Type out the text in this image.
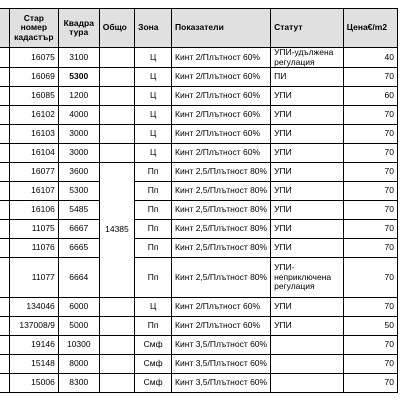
	Стар номер кадастър	Квадра
тура	Общо	Зона	Показатели	Статут	Цена€/m2
	16075	3100		Ц	Кинт 2/Плътност 60%	УПИ-удължена регулация	40
	16069	5300		Ц	Кинт 2/Плътност 60%	ПИ	70
	16085	1200		Ц	Кинт 2/Плътност 60%	УПИ	60
	16102	4000		Ц	Кинт 2/Плътност 60%	УПИ	70
	16103	3000		Ц	Кинт 2/Плътност 60%	УПИ	70
	16104	3000		Ц	Кинт 2/Плътност 60%	УПИ	70
	16077	3600	14385	Пп	Кинт 2,5/Плътност 80%	УПИ	70
	16107	5300		Пп	Кинт 2,5/Плътност 80%	УПИ	70
	16106	5485		Пп	Кинт 2,5/Плътност 80%	УПИ	70
	11075	6667		Пп	Кинт 2,5/Плътност 80%	УПИ	70
	11076	6665		Пп	Кинт 2,5/Плътност 80%	УПИ	70
	11077	6664		Пп	Кинт 2,5/Плътност 80%	УПИ-неприключена регулация	70
	134046	6000		Ц	Кинт 2/Плътност 60%	УПИ	70
	137008/9	5000		Пп	Кинт 2/Плътност 60%	УПИ	50
	19146	10300		Смф	Кинт 3,5/Плътност 60%		70
	15148	8000		Смф	Кинт 3,5/Плътност 60%		70
	15006	8300		Смф	Кинт 3,5/Плътност 60%		70
